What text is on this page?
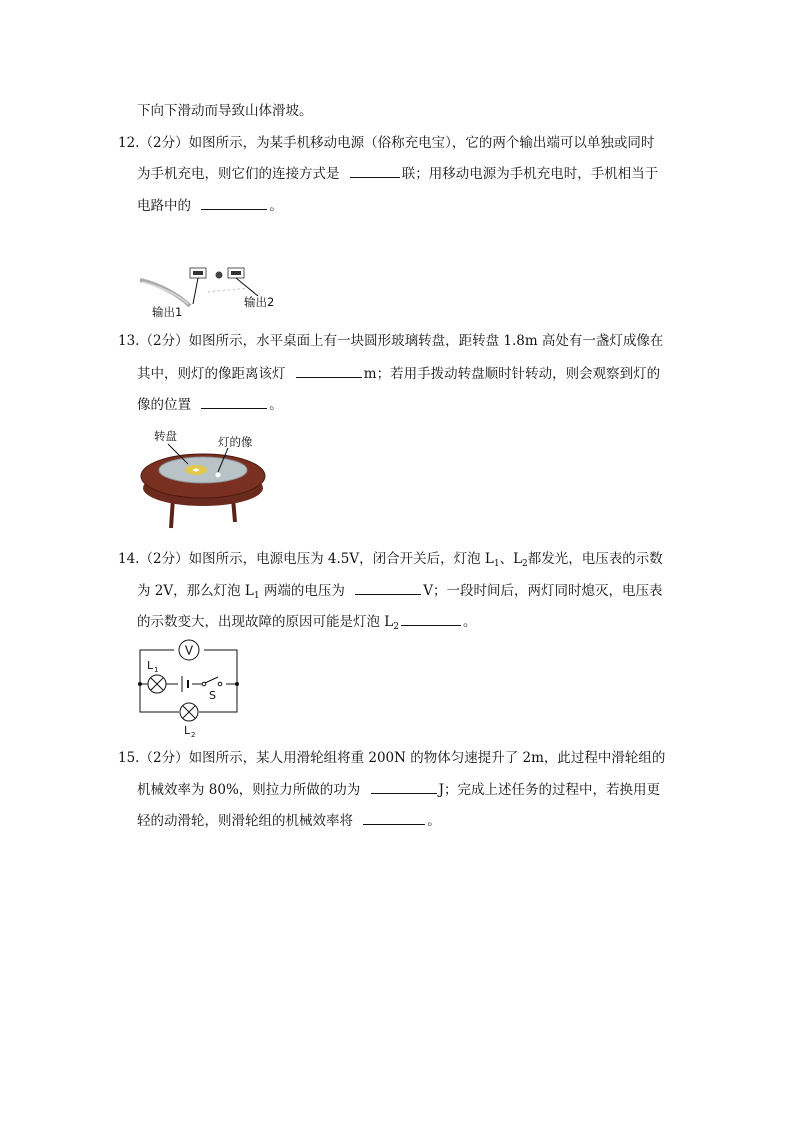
下向下滑动而导致山体滑坡。
12.（2分）如图所示，为某手机移动电源（俗称充电宝），它的两个输出端可以单独或同时
为手机充电，则它们的连接方式是	联；用移动电源为手机充电时，手机相当于
电路中的	。
输出1
输出2
13.（2分）如图所示，水平桌面上有一块圆形玻璃转盘，距转盘 1.8m 高处有一盏灯成像在
其中，则灯的像距离该灯	m；若用手拨动转盘顺时针转动，则会观察到灯的
像的位置	。
转盘	灯的像
14.（2分）如图所示，电源电压为 4.5V，闭合开关后，灯泡 $L_1$、$L_2$都发光，电压表的示数
为 2V，那么灯泡 $L_1$ 两端的电压为	V；一段时间后，两灯同时熄灭，电压表
的示数变大，出现故障的原因可能是灯泡 $L_2$	。
V
L 1
S
L 2
15.（2分）如图所示，某人用滑轮组将重 200N 的物体匀速提升了 2m，此过程中滑轮组的
机械效率为 80%，则拉力所做的功为	J；完成上述任务的过程中，若换用更
轻的动滑轮，则滑轮组的机械效率将	。
